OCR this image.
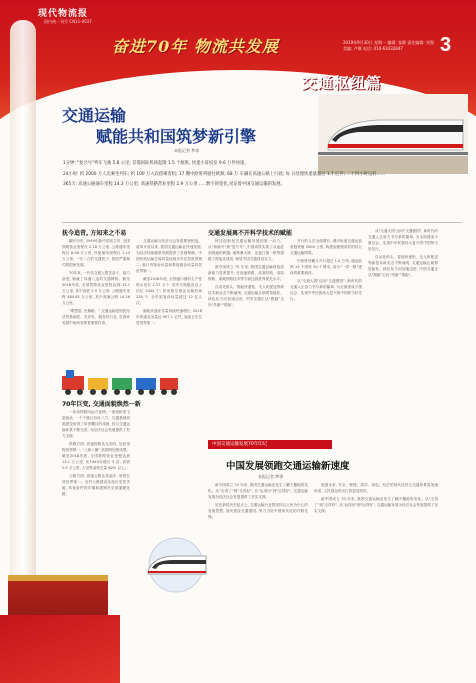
现代物流报
国内统一刊号 CN11-0037
奋进70年 物流共发展	2019年9月30日 星期一 编辑: 张静 责任编辑: 刘强 美编: 卢娜 电话: 010-63432847	3
交通枢纽篇
交通运输
赋能共和国筑梦新引擎
本报记者 梦琼

1分钟: "复兴号"列车飞驰 5.8 公里; 首都国际机场起降 1.5 个航班; 快递小哥投发 9.6 万件快递。

24小时: 约 2000 万人次乘坐列车; 约 100 万人次搭乘客机; 17 艘中欧班列驶往欧洲; 68 万 车辆在高速公路上行驶; 每 日处理快递量超过 1.7 亿件; 二十四小时运转……

365天: 高速公路通车里程 14.3 万公里; 高速铁路营业里程 2.9 万公里……数字的变化,见证着中国交通运输的发展。

抚今追昔, 方知来之不易

翻开历史, 1949年新中国成立时, 全国铁路营业里程仅 2.18 万公里, 公路通车里程仅 8.08 万公里, 民航航线里程仅 1.14 万公里, 一穷二白的交通底子, 曾经严重制约着国家发展。

70年来, 一代代交通人艰苦奋斗、接力奋进, 铺就了四通八达的交通网络。截至2018年底, 全国铁路营业里程达到 13.1 万公里, 其中高铁 2.9 万公里; 公路通车里程 484.65 万公里, 其中高速公路 14.26 万公里。

"要想富, 先修路。" 交通运输是国民经济的基础性、先导性、服务性行业, 在国家发展中始终发挥着重要作用。

70年巨变, 交通面貌焕然一新

一条条铁路向远方延伸, 一座座桥梁飞架南北, 一个个港口吞吐八方。交通基础设施建设取得了举世瞩目的成就, 综合交通运输体系不断完善, 为经济社会发展提供了有力支撑。

铁路方面, 高速铁路从无到有, 运营里程世界第一, "八纵八横" 高铁网加密成型。截至2018年底, 全国铁路营业里程达到 13.1 万公里, 比1949年增长 5 倍, 高铁 2.9 万公里, 占世界高铁总量 60% 以上。

公路方面, 高速公路从零起步, 里程位居世界第一。农村公路建设实现历史性突破, 具备条件的乡镇和建制村全部通硬化路。

交通运输与经济社会发展紧密相连。改革开放以来, 我国交通运输业快速发展, 为经济持续健康发展提供了坚强保障。中国民航运输总周转量连续多年位居世界第二, 港口货物吞吐量和集装箱吞吐量均居世界第一。

截至2018年底, 全国港口拥有生产性码头泊位 2.37 万个, 其中万吨级及以上泊位 2444 个; 民用航空颁证运输机场 235 个, 全年旅客吞吐量超过 12 亿人次。

邮政快递业务量持续快速增长, 2018 年快递业务量达 507.1 亿件, 连续五年位居世界第一。

交通发展离不开科学技术的赋能

科技创新是交通运输发展的第一动力。从"和谐号"到"复兴号", 中国高铁实现了从追赶到领跑的跨越; 港珠澳大桥、北盘江第一桥等超级工程接连建成, 彰显中国交通建设实力。

新中国成立 70 年来, 我国交通运输科技创新能力显著提升, 在高速铁路、高寒铁路、高原铁路、重载铁路技术等方面达到世界领先水平。

自动化码头、智能快递柜、无人机配送等新技术新业态不断涌现, 交通运输正朝着智能化、绿色化方向加速迈进, 中国交通正从"跟跑"走向"并跑""领跑"。

开行的人次全面增长, 城市轨道交通运营里程突破 5000 公里, 构建起便捷高效的综合交通运输网络。

中欧班列累计开行超过 1.4 万列, 通达欧洲 15 个国家 50 个城市, 成为"一带一路"建设的重要载体。

从"交通大国"迈向"交通强国", 新时代的交通人正奋力书写新的篇章, 为全面建成小康社会、实现中华民族伟大复兴的中国梦当好先行。

从"交通大国"迈向"交通强国", 新时代的交通人正奋力书写新的篇章, 为全面建成小康社会、实现中华民族伟大复兴的中国梦当好先行。

自动化码头、智能快递柜、无人机配送等新技术新业态不断涌现, 交通运输正朝着智能化、绿色化方向加速迈进, 中国交通正从"跟跑"走向"并跑""领跑"。

中国交通运输发展70年印记
中国发展领跑交通运输新速度
本报记者 梦琼

新中国成立 70 年来, 我国交通运输业发生了翻天覆地的变化。从"走得了"到"走得好", 从"运得出"到"运得好", 交通运输发展为经济社会发展提供了坚实支撑。

站在新的历史起点上, 交通运输行业将坚持以人民为中心的发展思想, 加快建设交通强国, 努力当好中国现代化的开路先锋。

展望未来, 安全、便捷、高效、绿色、经济的现代化综合交通体系将加速形成, 人民群众的出行将更加美好。

新中国成立 70 年来, 我国交通运输业发生了翻天覆地的变化。从"走得了"到"走得好", 从"运得出"到"运得好", 交通运输发展为经济社会发展提供了坚实支撑。
